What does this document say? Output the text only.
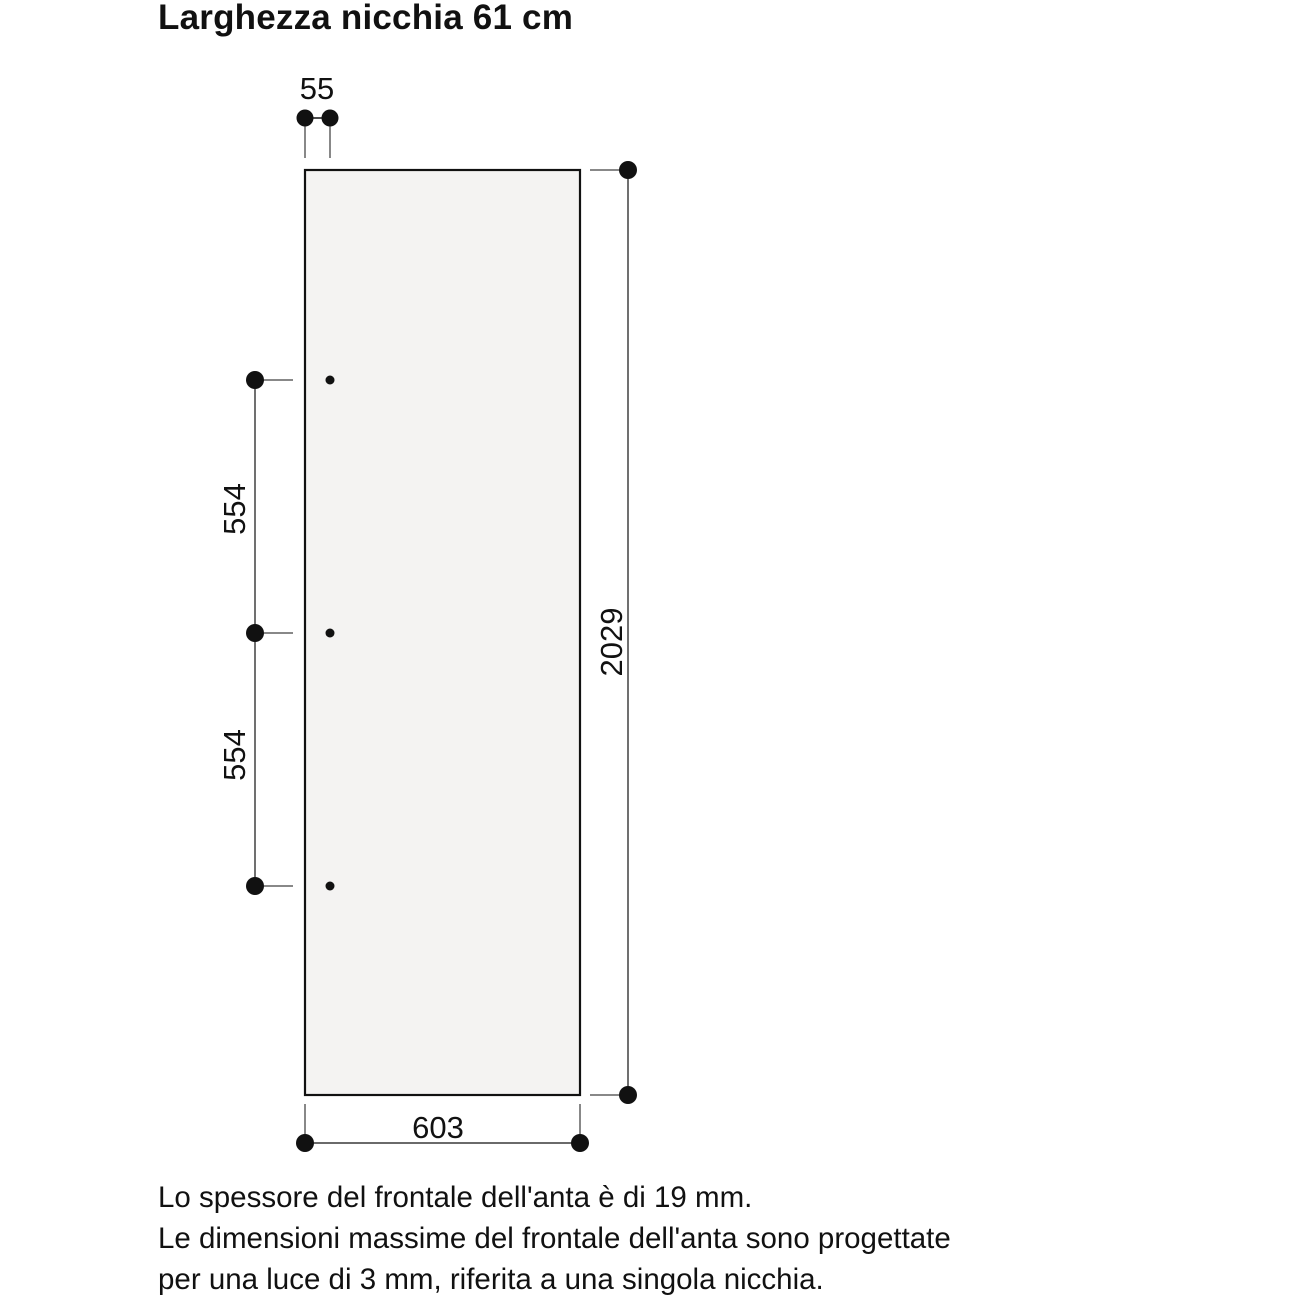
Larghezza nicchia 61 cm
55
2029
603
554
554
Lo spessore del frontale dell'anta è di 19 mm.
Le dimensioni massime del frontale dell'anta sono progettate
per una luce di 3 mm, riferita a una singola nicchia.
